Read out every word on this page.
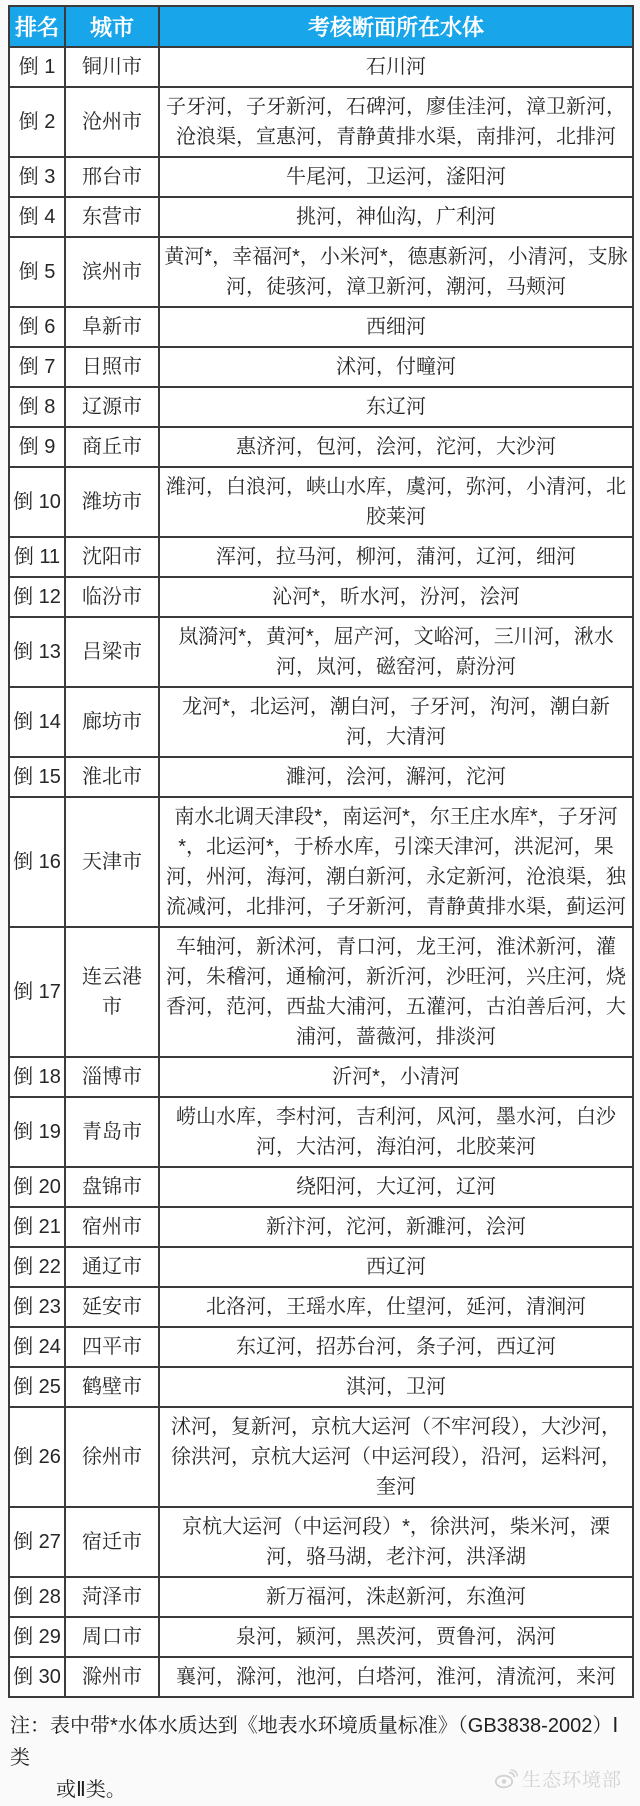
排名	城市	考核断面所在水体
倒 1	铜川市	石川河
倒 2	沧州市	子牙河，子牙新河，石碑河，廖佳洼河，漳卫新河，沧浪渠，宣惠河，青静黄排水渠，南排河，北排河
倒 3	邢台市	牛尾河，卫运河，滏阳河
倒 4	东营市	挑河，神仙沟，广利河
倒 5	滨州市	黄河*，幸福河*，小米河*，德惠新河，小清河，支脉河，徒骇河，漳卫新河，潮河，马颊河
倒 6	阜新市	西细河
倒 7	日照市	沭河，付疃河
倒 8	辽源市	东辽河
倒 9	商丘市	惠济河，包河，浍河，沱河，大沙河
倒 10	潍坊市	潍河，白浪河，峡山水库，虞河，弥河，小清河，北胶莱河
倒 11	沈阳市	浑河，拉马河，柳河，蒲河，辽河，细河
倒 12	临汾市	沁河*，昕水河，汾河，浍河
倒 13	吕梁市	岚漪河*，黄河*，屈产河，文峪河，三川河，湫水河，岚河，磁窑河，蔚汾河
倒 14	廊坊市	龙河*，北运河，潮白河，子牙河，泃河，潮白新河，大清河
倒 15	淮北市	濉河，浍河，澥河，沱河
倒 16	天津市	南水北调天津段*，南运河*，尔王庄水库*，子牙河*，北运河*，于桥水库，引滦天津河，洪泥河，果河，州河，海河，潮白新河，永定新河，沧浪渠，独流减河，北排河，子牙新河，青静黄排水渠，蓟运河
倒 17	连云港市	车轴河，新沭河，青口河，龙王河，淮沭新河，灌河，朱稽河，通榆河，新沂河，沙旺河，兴庄河，烧香河，范河，西盐大浦河，五灌河，古泊善后河，大浦河，蔷薇河，排淡河
倒 18	淄博市	沂河*，小清河
倒 19	青岛市	崂山水库，李村河，吉利河，风河，墨水河，白沙河，大沽河，海泊河，北胶莱河
倒 20	盘锦市	绕阳河，大辽河，辽河
倒 21	宿州市	新汴河，沱河，新濉河，浍河
倒 22	通辽市	西辽河
倒 23	延安市	北洛河，王瑶水库，仕望河，延河，清涧河
倒 24	四平市	东辽河，招苏台河，条子河，西辽河
倒 25	鹤壁市	淇河，卫河
倒 26	徐州市	沭河，复新河，京杭大运河（不牢河段），大沙河，徐洪河，京杭大运河（中运河段），沿河，运料河，奎河
倒 27	宿迁市	京杭大运河（中运河段）*，徐洪河，柴米河，溧河，骆马湖，老汴河，洪泽湖
倒 28	菏泽市	新万福河，洙赵新河，东渔河
倒 29	周口市	泉河，颍河，黑茨河，贾鲁河，涡河
倒 30	滁州市	襄河，滁河，池河，白塔河，淮河，清流河，来河
注：表中带*水体水质达到《地表水环境质量标准》（GB3838-2002）Ⅰ类
或Ⅱ类。	生态环境部
